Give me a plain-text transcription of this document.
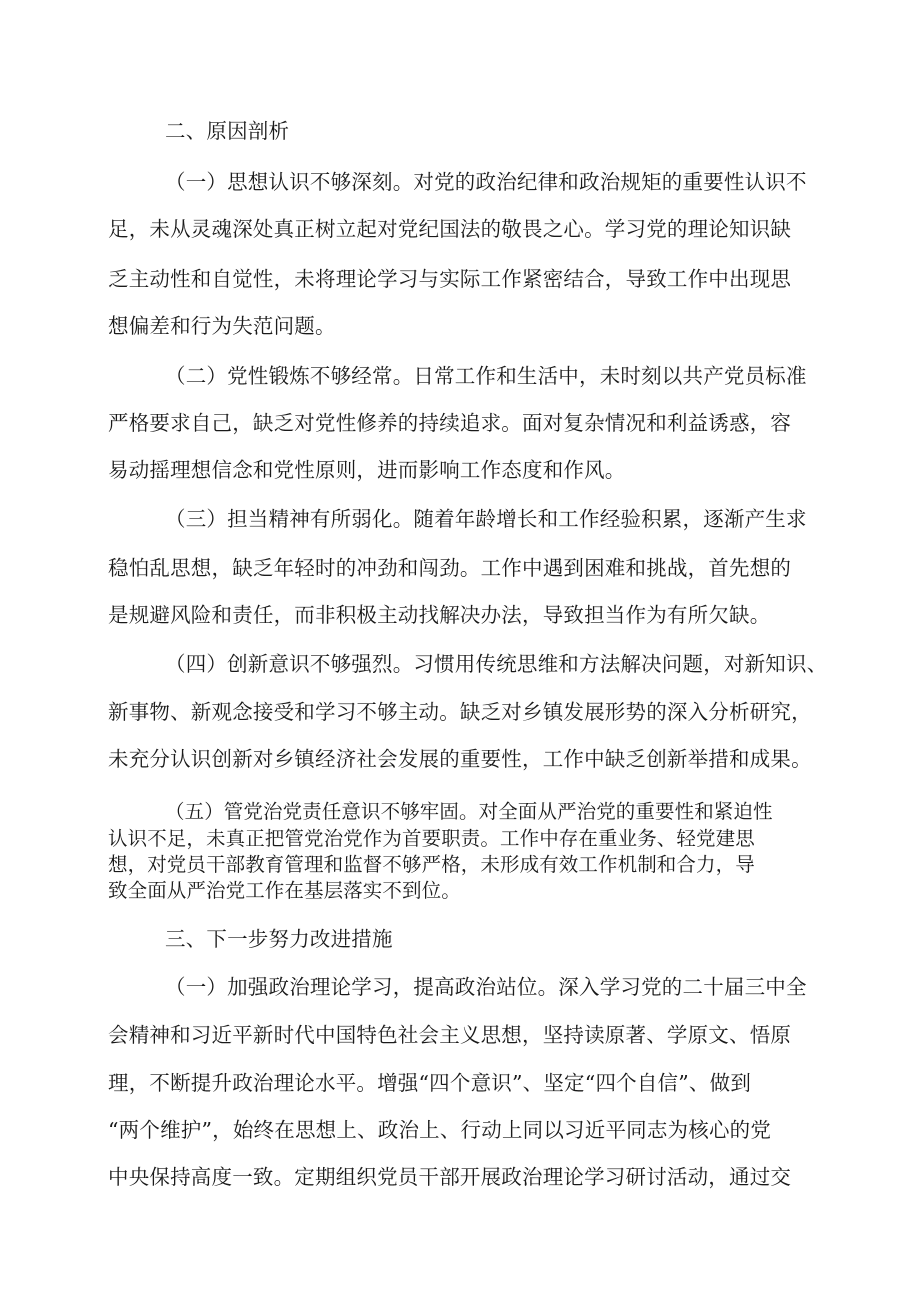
二、原因剖析
（一）思想认识不够深刻。对党的政治纪律和政治规矩的重要性认识不
足，未从灵魂深处真正树立起对党纪国法的敬畏之心。学习党的理论知识缺
乏主动性和自觉性，未将理论学习与实际工作紧密结合，导致工作中出现思
想偏差和行为失范问题。
（二）党性锻炼不够经常。日常工作和生活中，未时刻以共产党员标准
严格要求自己，缺乏对党性修养的持续追求。面对复杂情况和利益诱惑，容
易动摇理想信念和党性原则，进而影响工作态度和作风。
（三）担当精神有所弱化。随着年龄增长和工作经验积累，逐渐产生求
稳怕乱思想，缺乏年轻时的冲劲和闯劲。工作中遇到困难和挑战，首先想的
是规避风险和责任，而非积极主动找解决办法，导致担当作为有所欠缺。
（四）创新意识不够强烈。习惯用传统思维和方法解决问题，对新知识、
新事物、新观念接受和学习不够主动。缺乏对乡镇发展形势的深入分析研究，
未充分认识创新对乡镇经济社会发展的重要性，工作中缺乏创新举措和成果。
（五）管党治党责任意识不够牢固。对全面从严治党的重要性和紧迫性
认识不足，未真正把管党治党作为首要职责。工作中存在重业务、轻党建思
想，对党员干部教育管理和监督不够严格，未形成有效工作机制和合力，导
致全面从严治党工作在基层落实不到位。
三、下一步努力改进措施
（一）加强政治理论学习，提高政治站位。深入学习党的二十届三中全
会精神和习近平新时代中国特色社会主义思想，坚持读原著、学原文、悟原
理，不断提升政治理论水平。增强“四个意识”、坚定“四个自信”、做到
“两个维护”，始终在思想上、政治上、行动上同以习近平同志为核心的党
中央保持高度一致。定期组织党员干部开展政治理论学习研讨活动，通过交
